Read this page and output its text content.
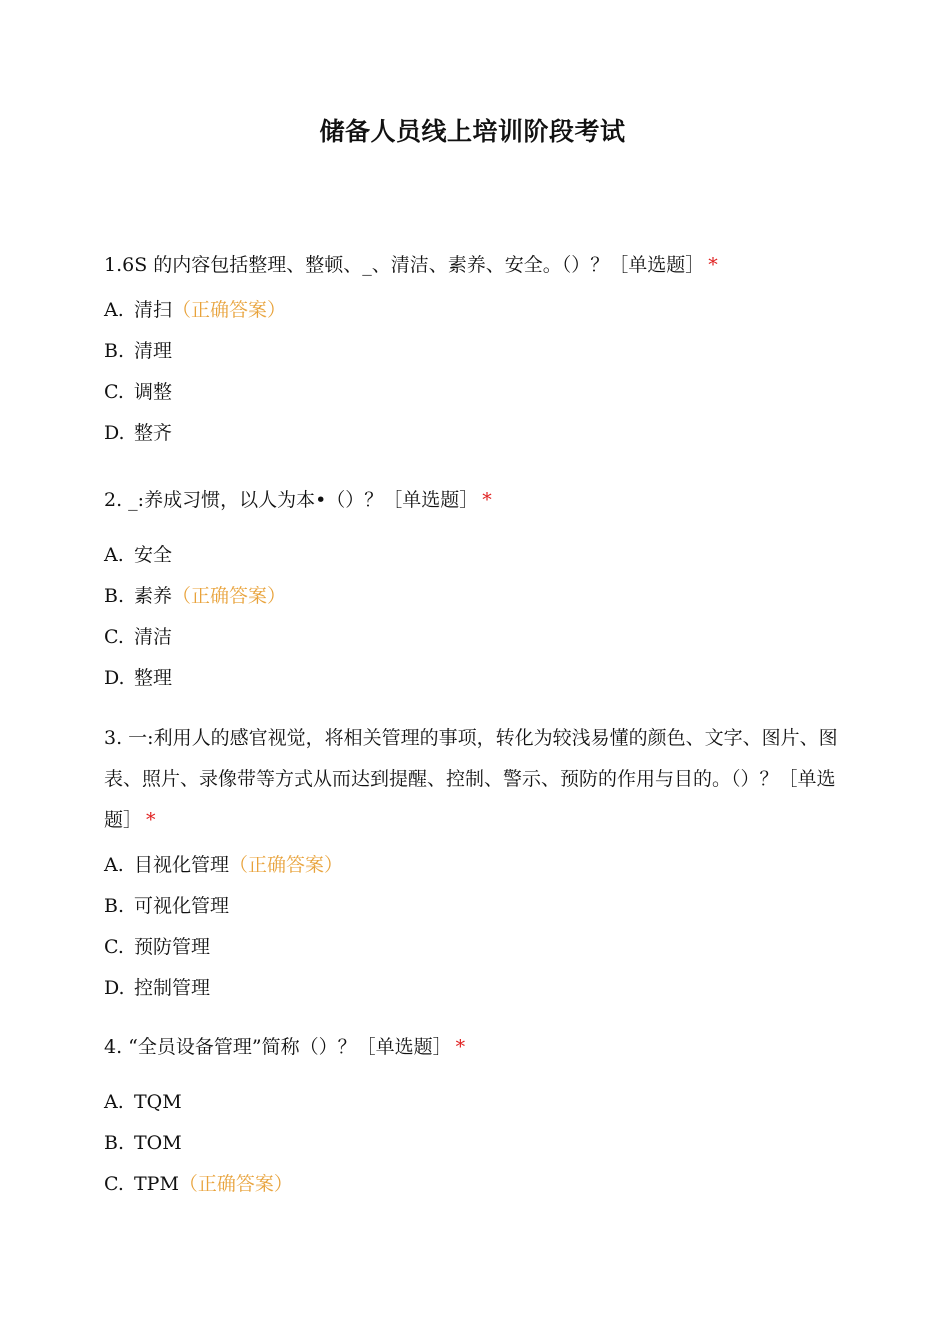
储备人员线上培训阶段考试
1.6S 的内容包括整理、整顿、_、清洁、素养、安全。（）？［单选题］ *
A. 清扫（正确答案）
B. 清理
C. 调整
D. 整齐
2. _:养成习惯，以人为本•（）？［单选题］ *
A. 安全
B. 素养（正确答案）
C. 清洁
D. 整理
3. 一:利用人的感官视觉，将相关管理的事项，转化为较浅易懂的颜色、文字、图片、图表、照片、录像带等方式从而达到提醒、控制、警示、预防的作用与目的。（）？［单选题］ *
A. 目视化管理（正确答案）
B. 可视化管理
C. 预防管理
D. 控制管理
4. “全员设备管理”简称（）？［单选题］ *
A. TQM
B. TOM
C. TPM（正确答案）
